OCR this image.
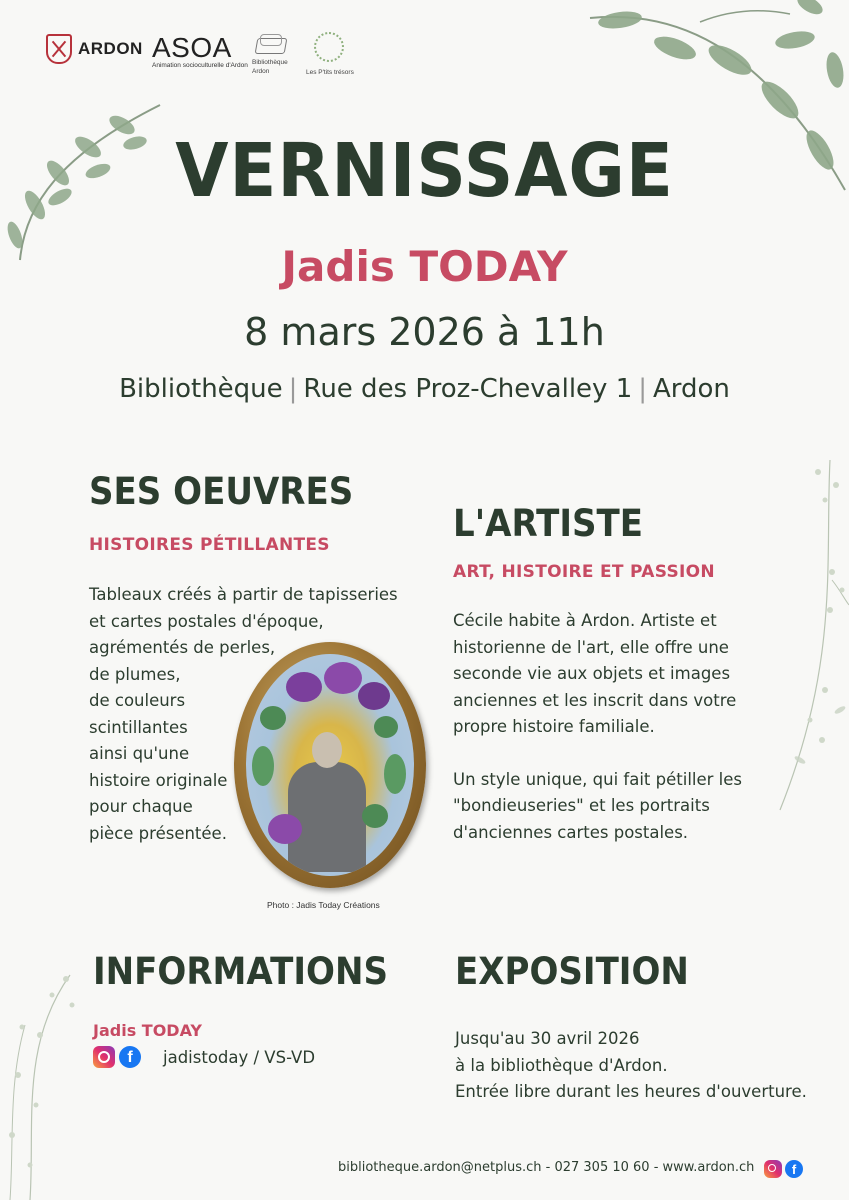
ARDON ASOA
Animation socioculturelle d'Ardon Bibliothèque
Ardon	Les P'tits trésors
VERNISSAGE
Jadis TODAY
8 mars 2026 à 11h
Bibliothèque | Rue des Proz-Chevalley 1 | Ardon
SES OEUVRES
HISTOIRES PÉTILLANTES
Tableaux créés à partir de tapisseries
et cartes postales d'époque,
agrémentés de perles,
de plumes,
de couleurs
scintillantes
ainsi qu'une
histoire originale
pour chaque
pièce présentée.
Photo : Jadis Today Créations
L'ARTISTE
ART, HISTOIRE ET PASSION

Cécile habite à Ardon. Artiste et historienne de l'art, elle offre une seconde vie aux objets et images anciennes et les inscrit dans votre propre histoire familiale.

Un style unique, qui fait pétiller les "bondieuseries" et les portraits d'anciennes cartes postales.

INFORMATIONS
Jadis TODAY
f	jadistoday / VS-VD
EXPOSITION
Jusqu'au 30 avril 2026
à la bibliothèque d'Ardon.
Entrée libre durant les heures d'ouverture.
bibliotheque.ardon@netplus.ch - 027 305 10 60 - www.ardon.ch	f
